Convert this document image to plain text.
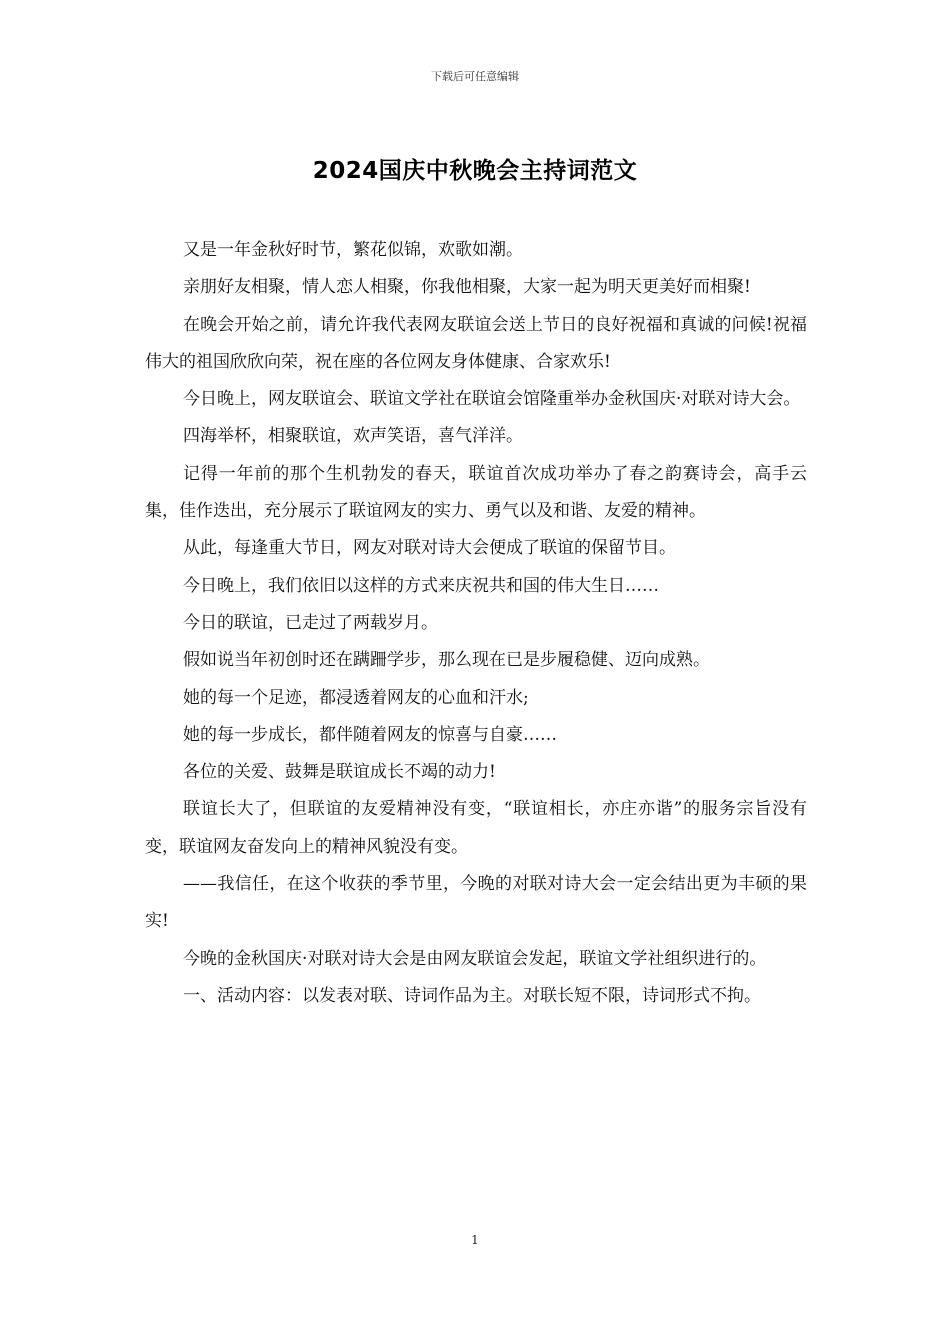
下载后可任意编辑
2024国庆中秋晚会主持词范文

又是一年金秋好时节，繁花似锦，欢歌如潮。

亲朋好友相聚，情人恋人相聚，你我他相聚，大家一起为明天更美好而相聚!

在晚会开始之前，请允许我代表网友联谊会送上节日的良好祝福和真诚的问候!祝福伟大的祖国欣欣向荣，祝在座的各位网友身体健康、合家欢乐!

今日晚上，网友联谊会、联谊文学社在联谊会馆隆重举办金秋国庆·对联对诗大会。

四海举杯，相聚联谊，欢声笑语，喜气洋洋。

记得一年前的那个生机勃发的春天，联谊首次成功举办了春之韵赛诗会，高手云集，佳作迭出，充分展示了联谊网友的实力、勇气以及和谐、友爱的精神。

从此，每逢重大节日，网友对联对诗大会便成了联谊的保留节目。

今日晚上，我们依旧以这样的方式来庆祝共和国的伟大生日……

今日的联谊，已走过了两载岁月。

假如说当年初创时还在蹒跚学步，那么现在已是步履稳健、迈向成熟。

她的每一个足迹，都浸透着网友的心血和汗水;

她的每一步成长，都伴随着网友的惊喜与自豪……

各位的关爱、鼓舞是联谊成长不竭的动力!

联谊长大了，但联谊的友爱精神没有变，“联谊相长，亦庄亦谐”的服务宗旨没有变，联谊网友奋发向上的精神风貌没有变。

——我信任，在这个收获的季节里，今晚的对联对诗大会一定会结出更为丰硕的果实!

今晚的金秋国庆·对联对诗大会是由网友联谊会发起，联谊文学社组织进行的。

一、活动内容：以发表对联、诗词作品为主。对联长短不限，诗词形式不拘。

1
